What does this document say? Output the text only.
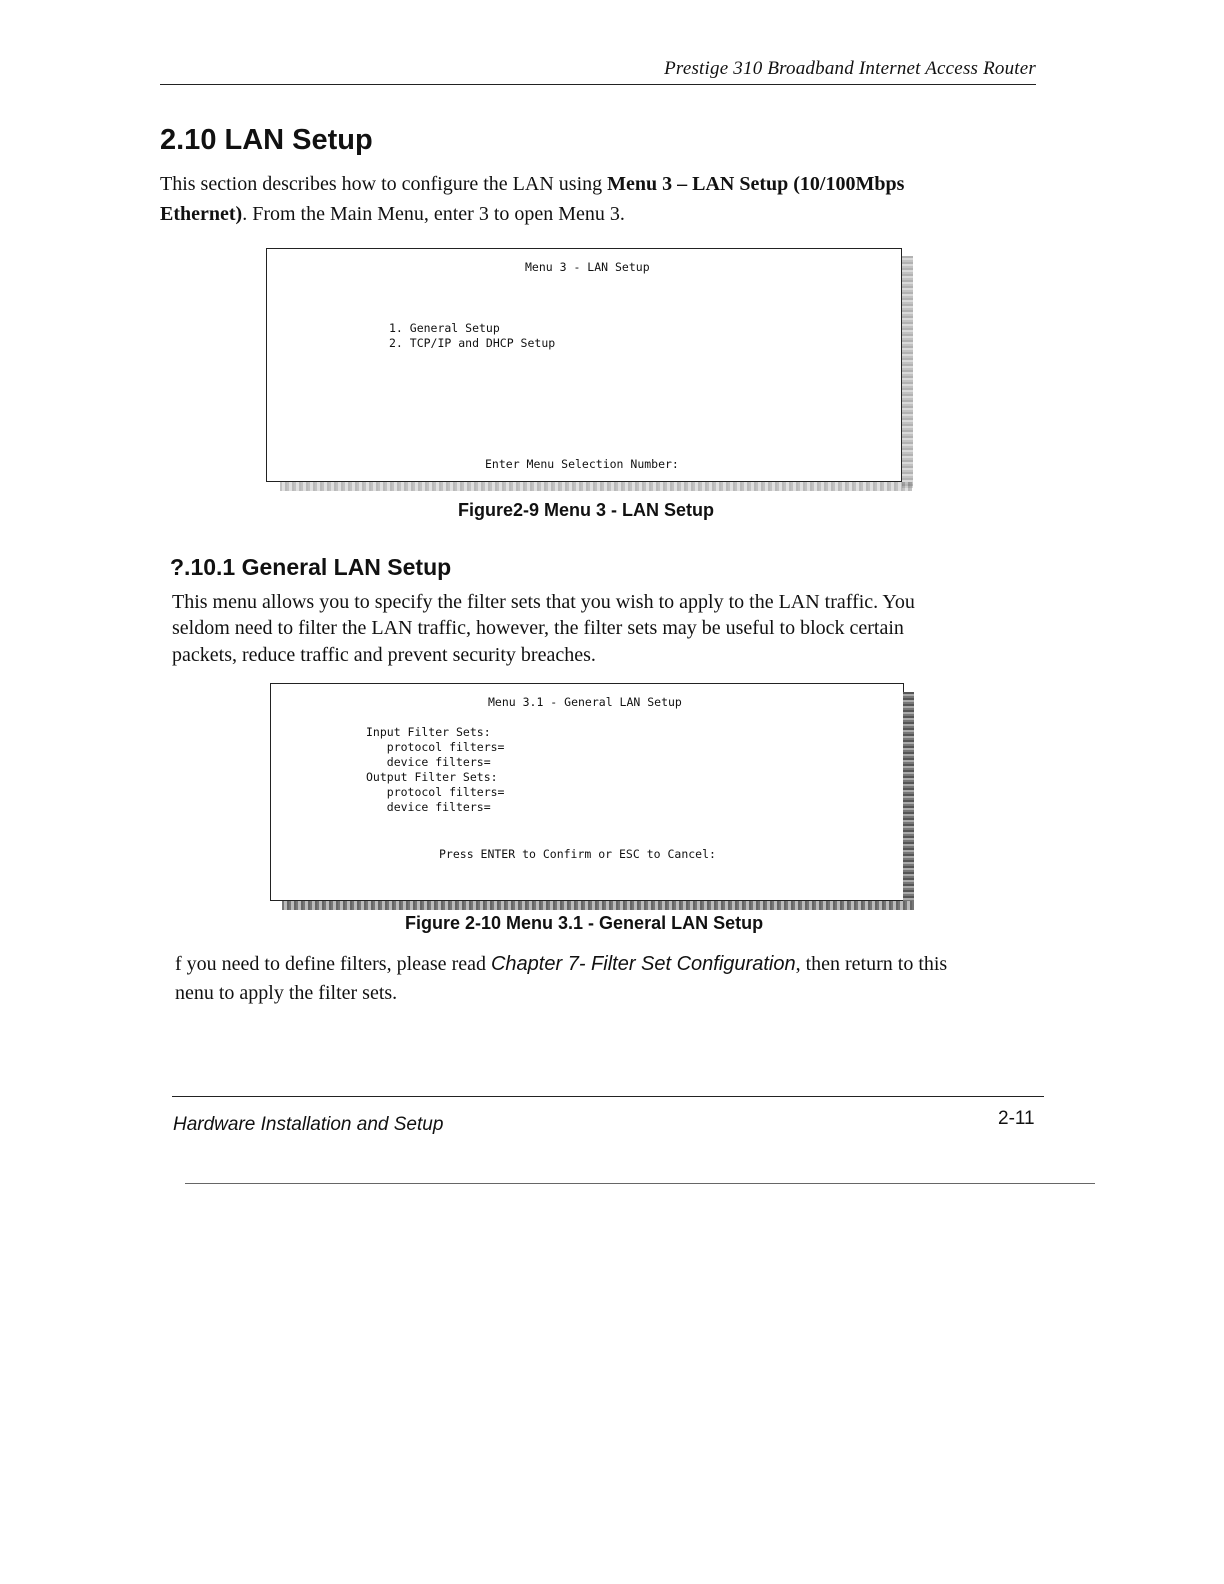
Prestige 310 Broadband Internet Access Router
2.10 LAN Setup
This section describes how to configure the LAN using Menu 3 – LAN Setup (10/100Mbps
Ethernet). From the Main Menu, enter 3 to open Menu 3.
Menu 3 - LAN Setup
1. General Setup
2. TCP/IP and DHCP Setup
Enter Menu Selection Number:
Figure2-9 Menu 3 - LAN Setup
?.10.1 General LAN Setup
This menu allows you to specify the filter sets that you wish to apply to the LAN traffic. You
seldom need to filter the LAN traffic, however, the filter sets may be useful to block certain
packets, reduce traffic and prevent security breaches.
Menu 3.1 - General LAN Setup
Input Filter Sets:
protocol filters=
device filters=
Output Filter Sets:
protocol filters=
device filters=
Press ENTER to Confirm or ESC to Cancel:
Figure 2-10 Menu 3.1 - General LAN Setup
f you need to define filters, please read Chapter 7- Filter Set Configuration, then return to this
nenu to apply the filter sets.
Hardware Installation and Setup	2-11
